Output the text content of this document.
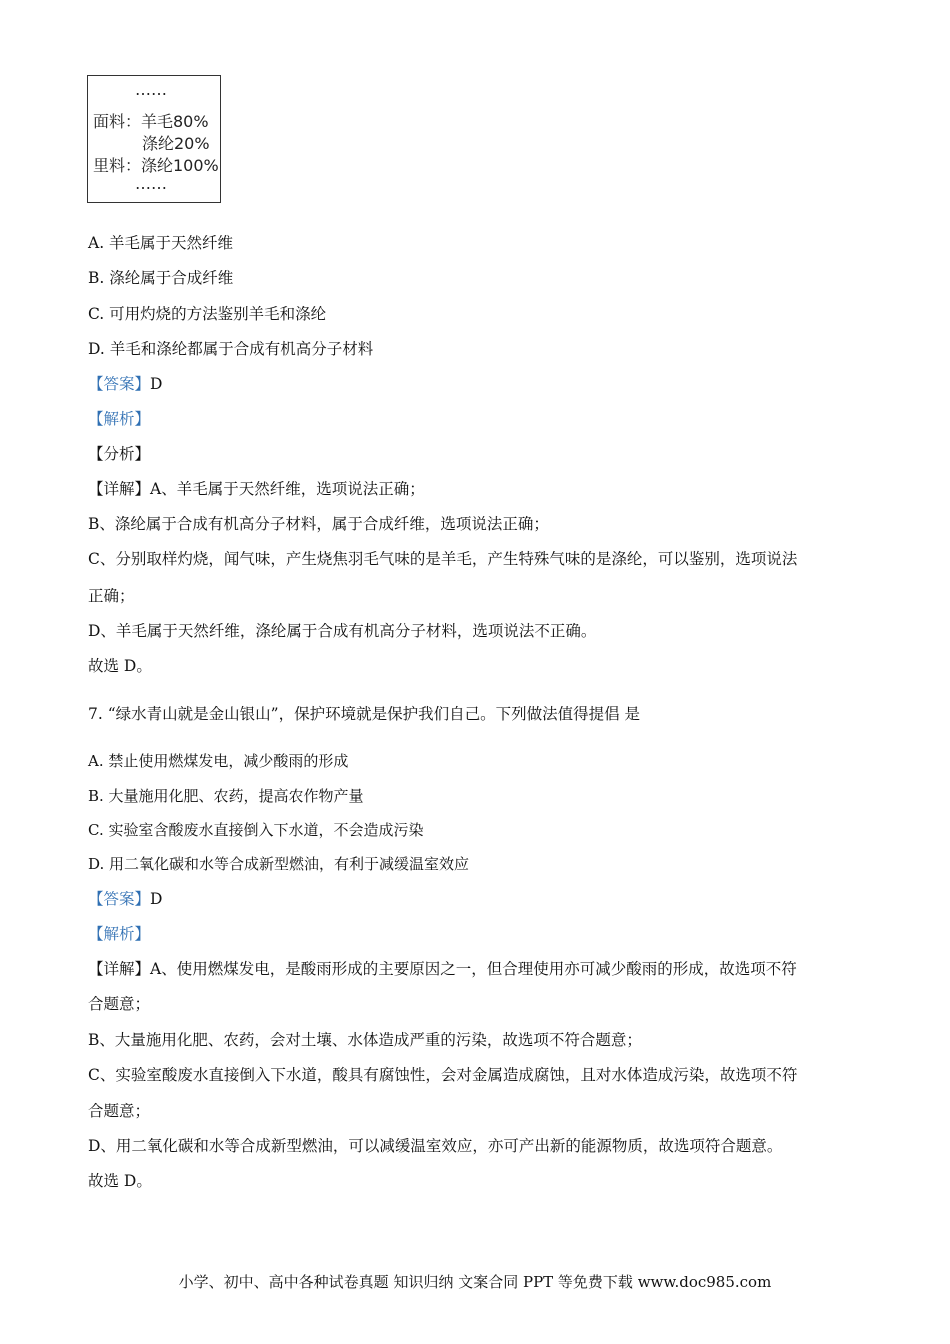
……
面料：羊毛80%
涤纶20%
里料：涤纶100%
……
A. 羊毛属于天然纤维
B. 涤纶属于合成纤维
C. 可用灼烧的方法鉴别羊毛和涤纶
D. 羊毛和涤纶都属于合成有机高分子材料
【答案】D
【解析】
【分析】
【详解】A、羊毛属于天然纤维，选项说法正确；
B、涤纶属于合成有机高分子材料，属于合成纤维，选项说法正确；
C、分别取样灼烧，闻气味，产生烧焦羽毛气味的是羊毛，产生特殊气味的是涤纶，可以鉴别，选项说法
正确；
D、羊毛属于天然纤维，涤纶属于合成有机高分子材料，选项说法不正确。
故选 D。
7. “绿水青山就是金山银山”，保护环境就是保护我们自己。下列做法值得提倡 是
A. 禁止使用燃煤发电，减少酸雨的形成
B. 大量施用化肥、农药，提高农作物产量
C. 实验室含酸废水直接倒入下水道，不会造成污染
D. 用二氧化碳和水等合成新型燃油，有利于减缓温室效应
【答案】D
【解析】
【详解】A、使用燃煤发电，是酸雨形成的主要原因之一，但合理使用亦可减少酸雨的形成，故选项不符
合题意；
B、大量施用化肥、农药，会对土壤、水体造成严重的污染，故选项不符合题意；
C、实验室酸废水直接倒入下水道，酸具有腐蚀性，会对金属造成腐蚀，且对水体造成污染，故选项不符
合题意；
D、用二氧化碳和水等合成新型燃油，可以减缓温室效应，亦可产出新的能源物质，故选项符合题意。
故选 D。
小学、初中、高中各种试卷真题 知识归纳 文案合同 PPT 等免费下载 www.doc985.com
